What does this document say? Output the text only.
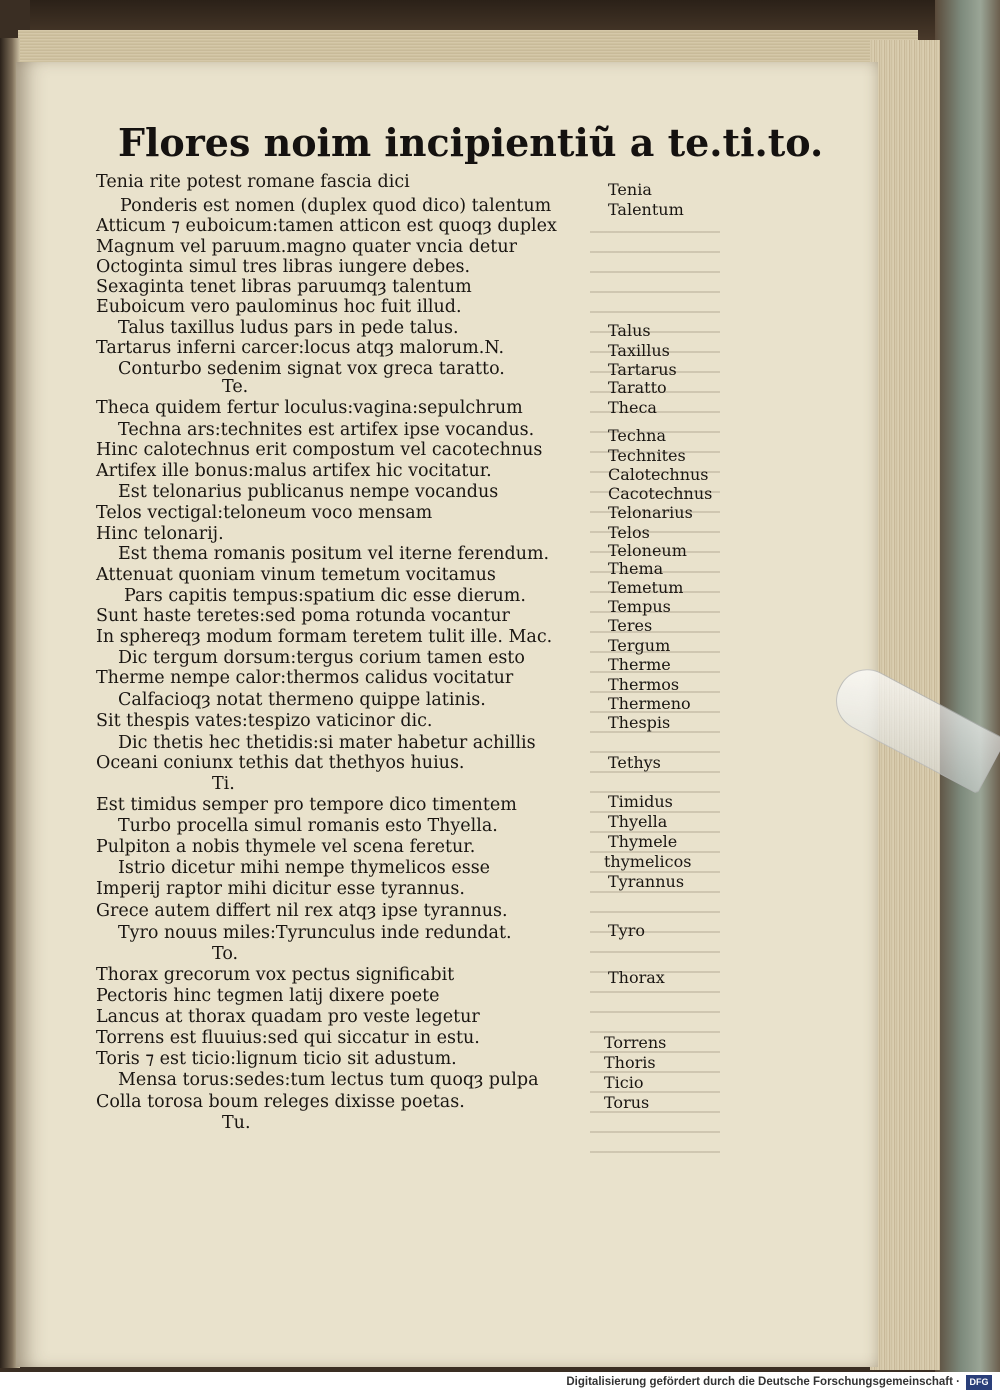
Flores noim incipientiũ a te.ti.to.
Tenia rite potest romane fascia dici
Ponderis est nomen (duplex quod dico) talentum
Atticum ⁊ euboicum:tamen atticon est quoqȝ duplex
Magnum vel paruum.magno quater vncia detur
Octoginta simul tres libras iungere debes.
Sexaginta tenet libras paruumqȝ talentum
Euboicum vero paulominus hoc fuit illud.
Talus taxillus ludus pars in pede talus.
Tartarus inferni carcer:locus atqȝ malorum.N.
Conturbo sedenim signat vox greca taratto.
Te.
Theca quidem fertur loculus:vagina:sepulchrum
Techna ars:technites est artifex ipse vocandus.
Hinc calotechnus erit compostum vel cacotechnus
Artifex ille bonus:malus artifex hic vocitatur.
Est telonarius publicanus nempe vocandus
Telos vectigal:teloneum voco mensam
Hinc telonarij.
Est thema romanis positum vel iterne ferendum.
Attenuat quoniam vinum temetum vocitamus
Pars capitis tempus:spatium dic esse dierum.
Sunt haste teretes:sed poma rotunda vocantur
In sphereqȝ modum formam teretem tulit ille. Mac.
Dic tergum dorsum:tergus corium tamen esto
Therme nempe calor:thermos calidus vocitatur
Calfacioqȝ notat thermeno quippe latinis.
Sit thespis vates:tespizo vaticinor dic.
Dic thetis hec thetidis:si mater habetur achillis
Oceani coniunx tethis dat thethyos huius.
Ti.
Est timidus semper pro tempore dico timentem
Turbo procella simul romanis esto Thyella.
Pulpiton a nobis thymele vel scena feretur.
Istrio dicetur mihi nempe thymelicos esse
Imperij raptor mihi dicitur esse tyrannus.
Grece autem differt nil rex atqȝ ipse tyrannus.
Tyro nouus miles:Tyrunculus inde redundat.
To.
Thorax grecorum vox pectus significabit
Pectoris hinc tegmen latij dixere poete
Lancus at thorax quadam pro veste legetur
Torrens est fluuius:sed qui siccatur in estu.
Toris ⁊ est ticio:lignum ticio sit adustum.
Mensa torus:sedes:tum lectus tum quoqȝ pulpa
Colla torosa boum releges dixisse poetas.
Tu.
Tenia
Talentum
Talus
Taxillus
Tartarus
Taratto
Theca
Techna
Technites
Calotechnus
Cacotechnus
Telonarius
Telos
Teloneum
Thema
Temetum
Tempus
Teres
Tergum
Therme
Thermos
Thermeno
Thespis
Tethys
Timidus
Thyella
Thymele
thymelicos
Tyrannus
Tyro
Thorax
Torrens
Thoris
Ticio
Torus
Digitalisierung gefördert durch die Deutsche Forschungsgemeinschaft ·	DFG
